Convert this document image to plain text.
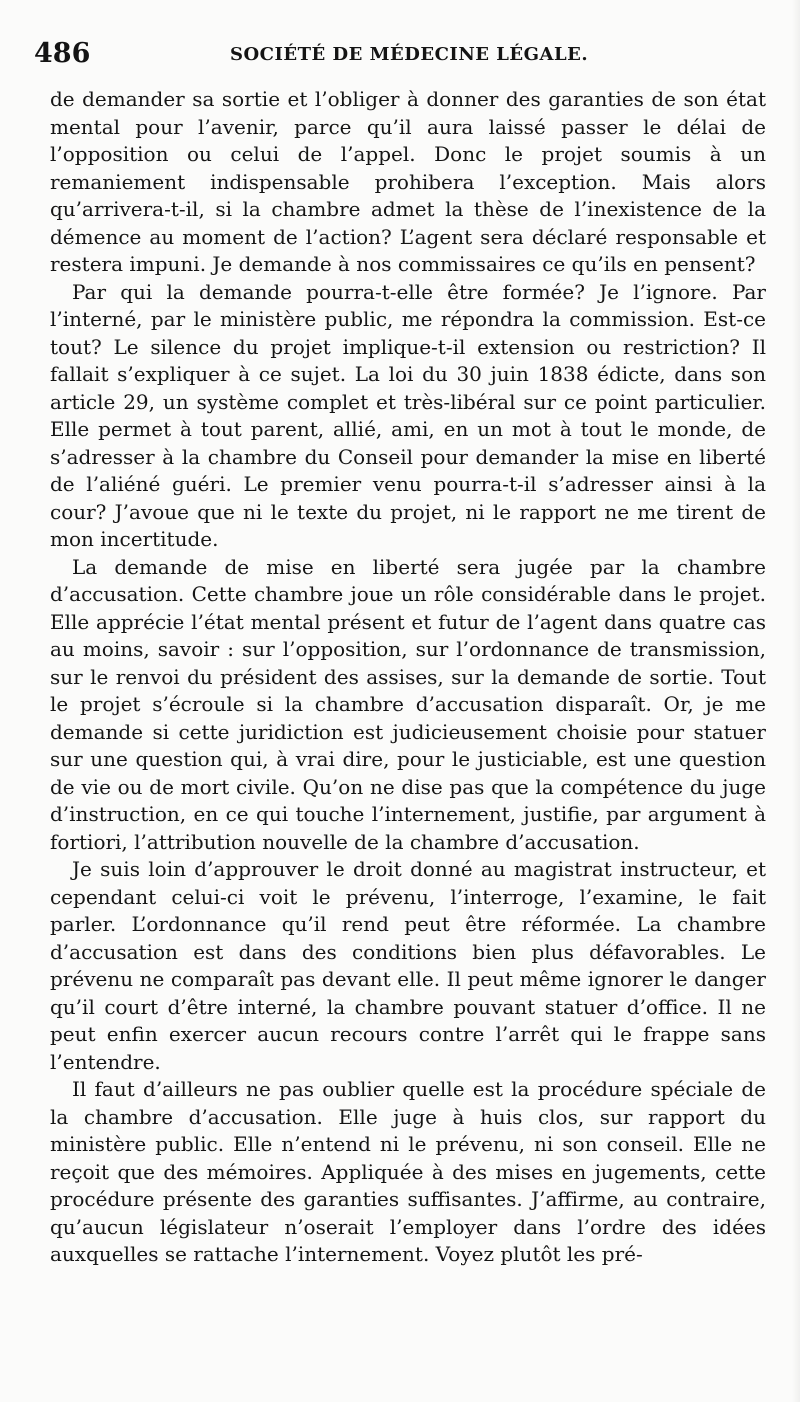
486	SOCIÉTÉ DE MÉDECINE LÉGALE.

de demander sa sortie et l’obliger à donner des garanties de son état mental pour l’avenir, parce qu’il aura laissé passer le délai de l’opposition ou celui de l’appel. Donc le projet soumis à un remaniement indispensable prohibera l’exception. Mais alors qu’arrivera-t-il, si la chambre admet la thèse de l’inexistence de la démence au moment de l’action? L’agent sera déclaré responsable et restera impuni. Je demande à nos commissaires ce qu’ils en pensent?

Par qui la demande pourra-t-elle être formée? Je l’ignore. Par l’interné, par le ministère public, me répondra la commission. Est-ce tout? Le silence du projet implique-t-il extension ou restriction? Il fallait s’expliquer à ce sujet. La loi du 30 juin 1838 édicte, dans son article 29, un système complet et très-libéral sur ce point particulier. Elle permet à tout parent, allié, ami, en un mot à tout le monde, de s’adresser à la chambre du Conseil pour demander la mise en liberté de l’aliéné guéri. Le premier venu pourra-t-il s’adresser ainsi à la cour? J’avoue que ni le texte du projet, ni le rapport ne me tirent de mon incertitude.

La demande de mise en liberté sera jugée par la chambre d’accusation. Cette chambre joue un rôle considérable dans le projet. Elle apprécie l’état mental présent et futur de l’agent dans quatre cas au moins, savoir : sur l’opposition, sur l’ordonnance de transmission, sur le renvoi du président des assises, sur la demande de sortie. Tout le projet s’écroule si la chambre d’accusation disparaît. Or, je me demande si cette juridiction est judicieusement choisie pour statuer sur une question qui, à vrai dire, pour le justiciable, est une question de vie ou de mort civile. Qu’on ne dise pas que la compétence du juge d’instruction, en ce qui touche l’internement, justifie, par argument à fortiori, l’attribution nouvelle de la chambre d’accusation.

Je suis loin d’approuver le droit donné au magistrat instructeur, et cependant celui-ci voit le prévenu, l’interroge, l’examine, le fait parler. L’ordonnance qu’il rend peut être réformée. La chambre d’accusation est dans des conditions bien plus défavorables. Le prévenu ne comparaît pas devant elle. Il peut même ignorer le danger qu’il court d’être interné, la chambre pouvant statuer d’office. Il ne peut enfin exercer aucun recours contre l’arrêt qui le frappe sans l’entendre.

Il faut d’ailleurs ne pas oublier quelle est la procédure spéciale de la chambre d’accusation. Elle juge à huis clos, sur rapport du ministère public. Elle n’entend ni le prévenu, ni son conseil. Elle ne reçoit que des mémoires. Appliquée à des mises en jugements, cette procédure présente des garanties suffisantes. J’affirme, au contraire, qu’aucun législateur n’oserait l’employer dans l’ordre des idées auxquelles se rattache l’internement. Voyez plutôt les pré-
